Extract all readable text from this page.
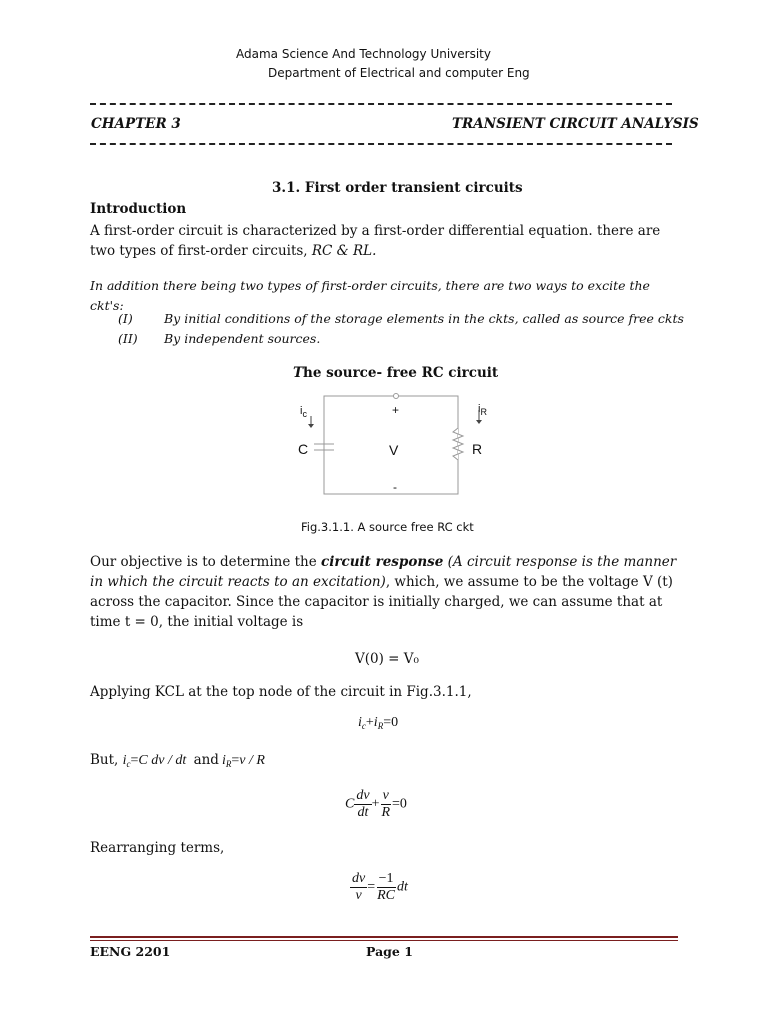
Adama Science And Technology University
Department of Electrical and computer Eng
CHAPTER 3	TRANSIENT CIRCUIT ANALYSIS
3.1. First order transient circuits
Introduction

A first-order circuit is characterized by a first-order differential equation. there are two types of first-order circuits, RC & RL.

In addition there being two types of first-order circuits, there are two ways to excite the ckt's:

(I)	By initial conditions of the storage elements in the ckts, called as source free ckts
(II) By independent sources.
The source- free RC circuit
$i_c$	$i_R$
+
C	V	R
-
Fig.3.1.1. A source free RC ckt

Our objective is to determine the circuit response (A circuit response is the manner in which the circuit reacts to an excitation), which, we assume to be the voltage V (t) across the capacitor. Since the capacitor is initially charged, we can assume that at time t = 0, the initial voltage is

V(0) = V₀
Applying KCL at the top node of the circuit in Fig.3.1.1,
$i_c+i_R=0$
But, $i_c=C$ dv / dt and $i_R=v / R$
C $\frac{dv}{dt} + \frac{v}{R} =0$
Rearranging terms,
$\frac{dv}{v} = \frac{-1}{RC}$ dt
EENG 2201	Page 1
